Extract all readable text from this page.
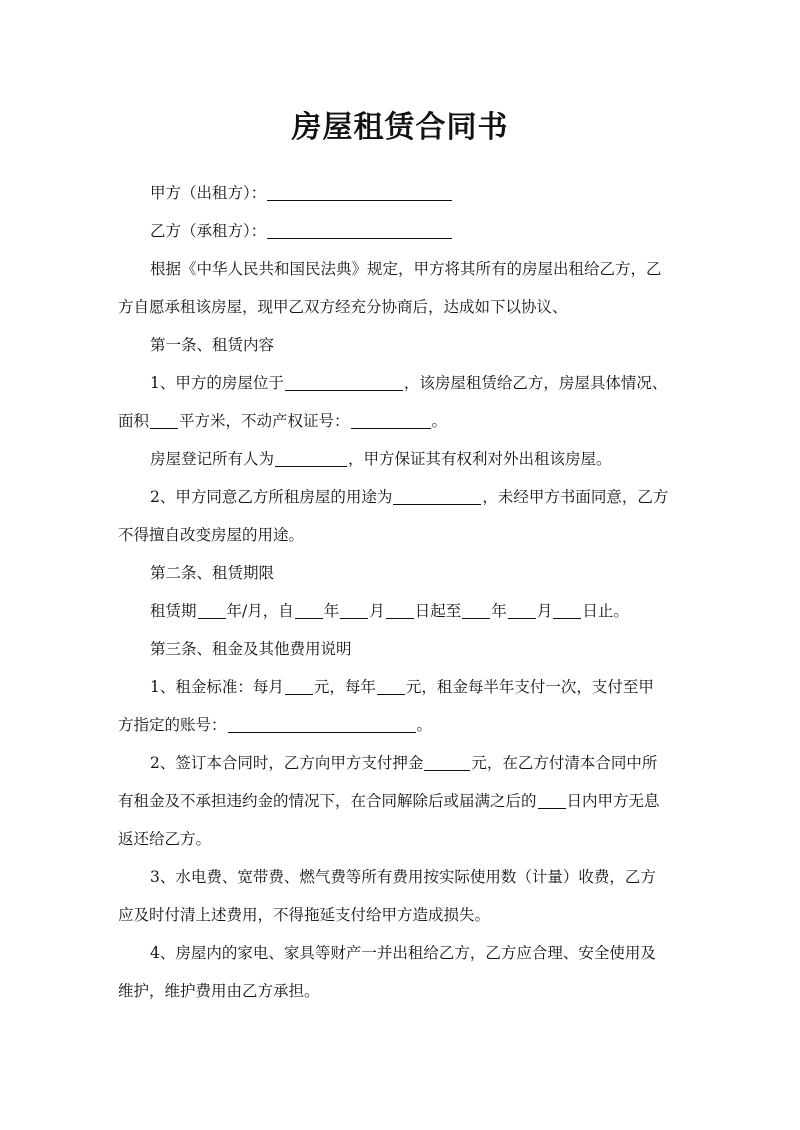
房屋租赁合同书
甲方（出租方）：
乙方（承租方）：
根据《中华人民共和国民法典》规定，甲方将其所有的房屋出租给乙方，乙
方自愿承租该房屋，现甲乙双方经充分协商后，达成如下以协议、
第一条、租赁内容
1、甲方的房屋位于	，该房屋租赁给乙方，房屋具体情况、
面积 平方米，不动产权证号：	。
房屋登记所有人为	，甲方保证其有权利对外出租该房屋。
2、甲方同意乙方所租房屋的用途为	，未经甲方书面同意，乙方
不得擅自改变房屋的用途。
第二条、租赁期限
租赁期 年/月，自 年 月 日起至 年 月 日止。
第三条、租金及其他费用说明
1、租金标准：每月 元，每年 元，租金每半年支付一次，支付至甲
方指定的账号：	。
2、签订本合同时，乙方向甲方支付押金	元，在乙方付清本合同中所
有租金及不承担违约金的情况下，在合同解除后或届满之后的 日内甲方无息
返还给乙方。
3、水电费、宽带费、燃气费等所有费用按实际使用数（计量）收费，乙方
应及时付清上述费用，不得拖延支付给甲方造成损失。
4、房屋内的家电、家具等财产一并出租给乙方，乙方应合理、安全使用及
维护，维护费用由乙方承担。
